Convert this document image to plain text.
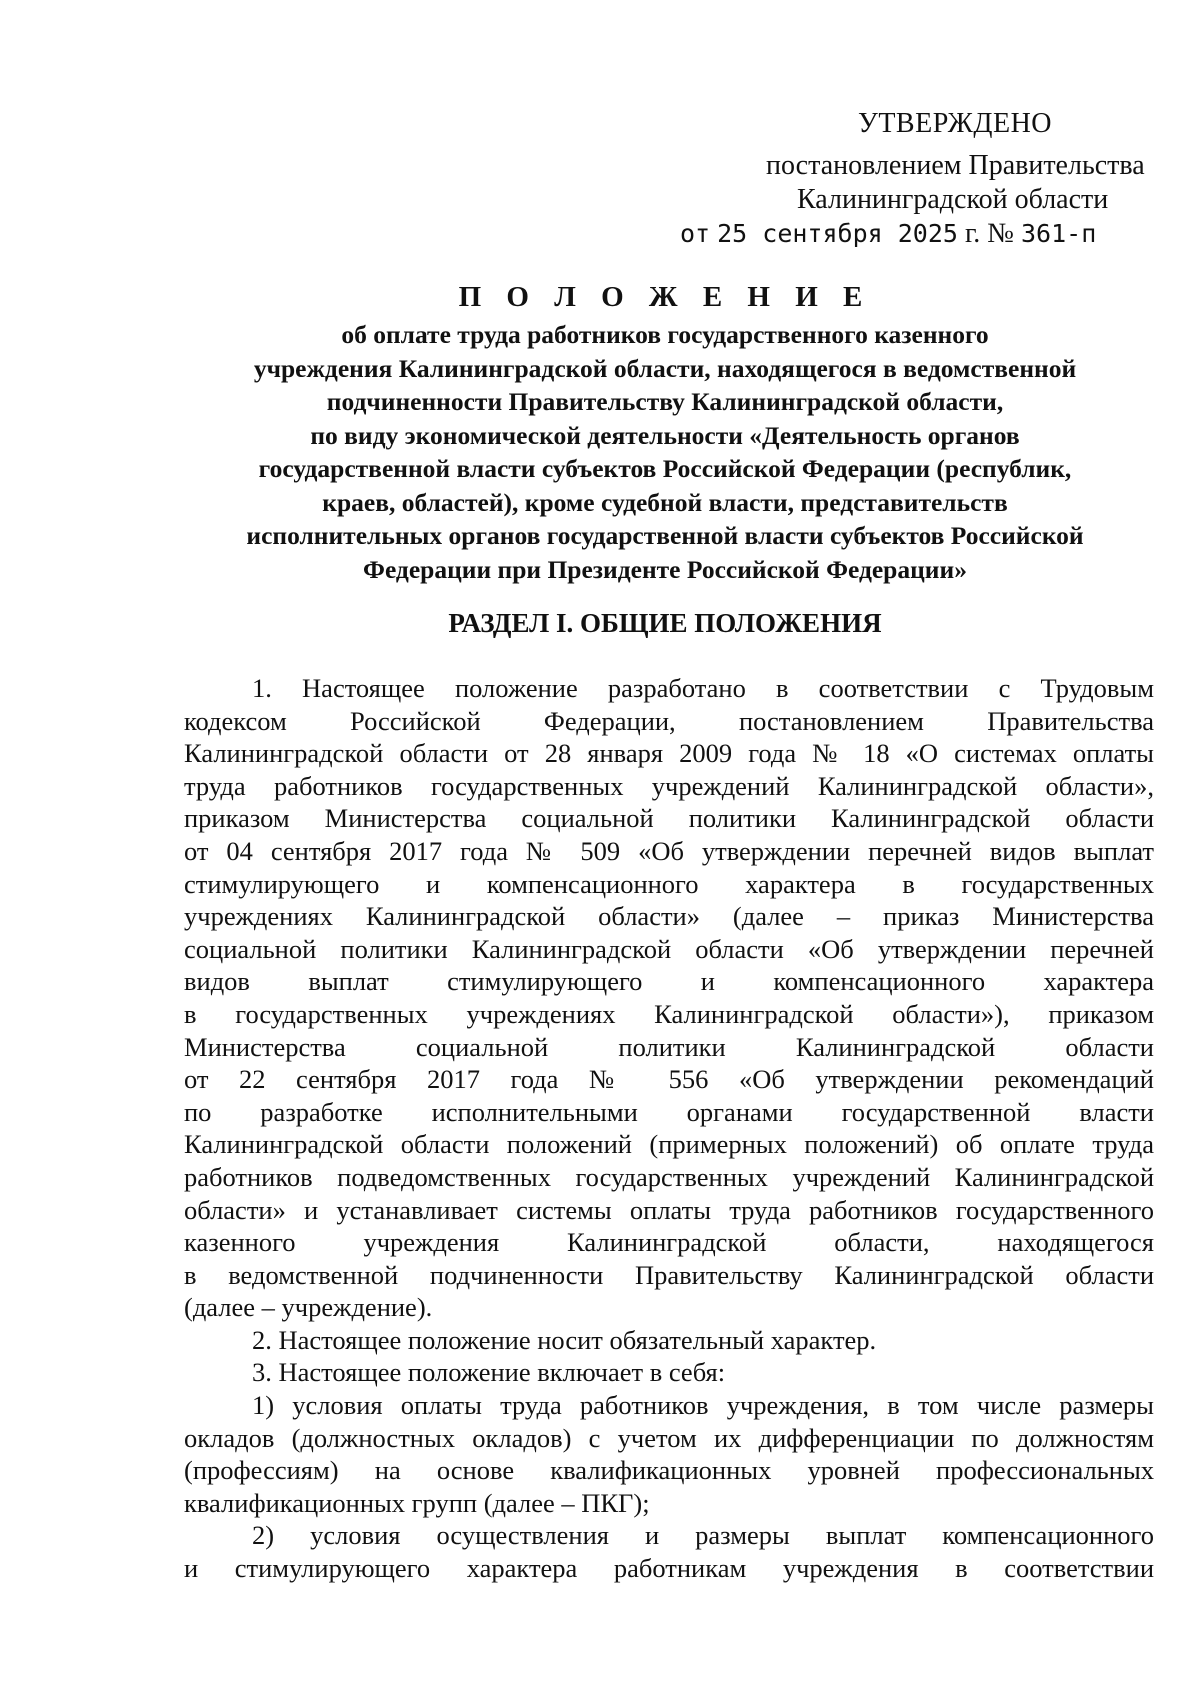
УТВЕРЖДЕНО
постановлением Правительства
Калининградской области
от 25 сентября 2025 г. № 361-п
П О Л О Ж Е Н И Е
об оплате труда работников государственного казенного
учреждения Калининградской области, находящегося в ведомственной
подчиненности Правительству Калининградской области,
по виду экономической деятельности «Деятельность органов
государственной власти субъектов Российской Федерации (республик,
краев, областей), кроме судебной власти, представительств
исполнительных органов государственной власти субъектов Российской
Федерации при Президенте Российской Федерации»
РАЗДЕЛ I. ОБЩИЕ ПОЛОЖЕНИЯ
1. Настоящее положение разработано в соответствии с Трудовым
кодексом Российской Федерации, постановлением Правительства
Калининградской области от 28 января 2009 года № 18 «О системах оплаты
труда работников государственных учреждений Калининградской области»,
приказом Министерства социальной политики Калининградской области
от 04 сентября 2017 года № 509 «Об утверждении перечней видов выплат
стимулирующего и компенсационного характера в государственных
учреждениях Калининградской области» (далее – приказ Министерства
социальной политики Калининградской области «Об утверждении перечней
видов выплат стимулирующего и компенсационного характера
в государственных учреждениях Калининградской области»), приказом
Министерства социальной политики Калининградской области
от 22 сентября 2017 года № 556 «Об утверждении рекомендаций
по разработке исполнительными органами государственной власти
Калининградской области положений (примерных положений) об оплате труда
работников подведомственных государственных учреждений Калининградской
области» и устанавливает системы оплаты труда работников государственного
казенного учреждения Калининградской области, находящегося
в ведомственной подчиненности Правительству Калининградской области
(далее – учреждение).
2. Настоящее положение носит обязательный характер.
3. Настоящее положение включает в себя:
1) условия оплаты труда работников учреждения, в том числе размеры
окладов (должностных окладов) с учетом их дифференциации по должностям
(профессиям) на основе квалификационных уровней профессиональных
квалификационных групп (далее – ПКГ);
2) условия осуществления и размеры выплат компенсационного
и стимулирующего характера работникам учреждения в соответствии
